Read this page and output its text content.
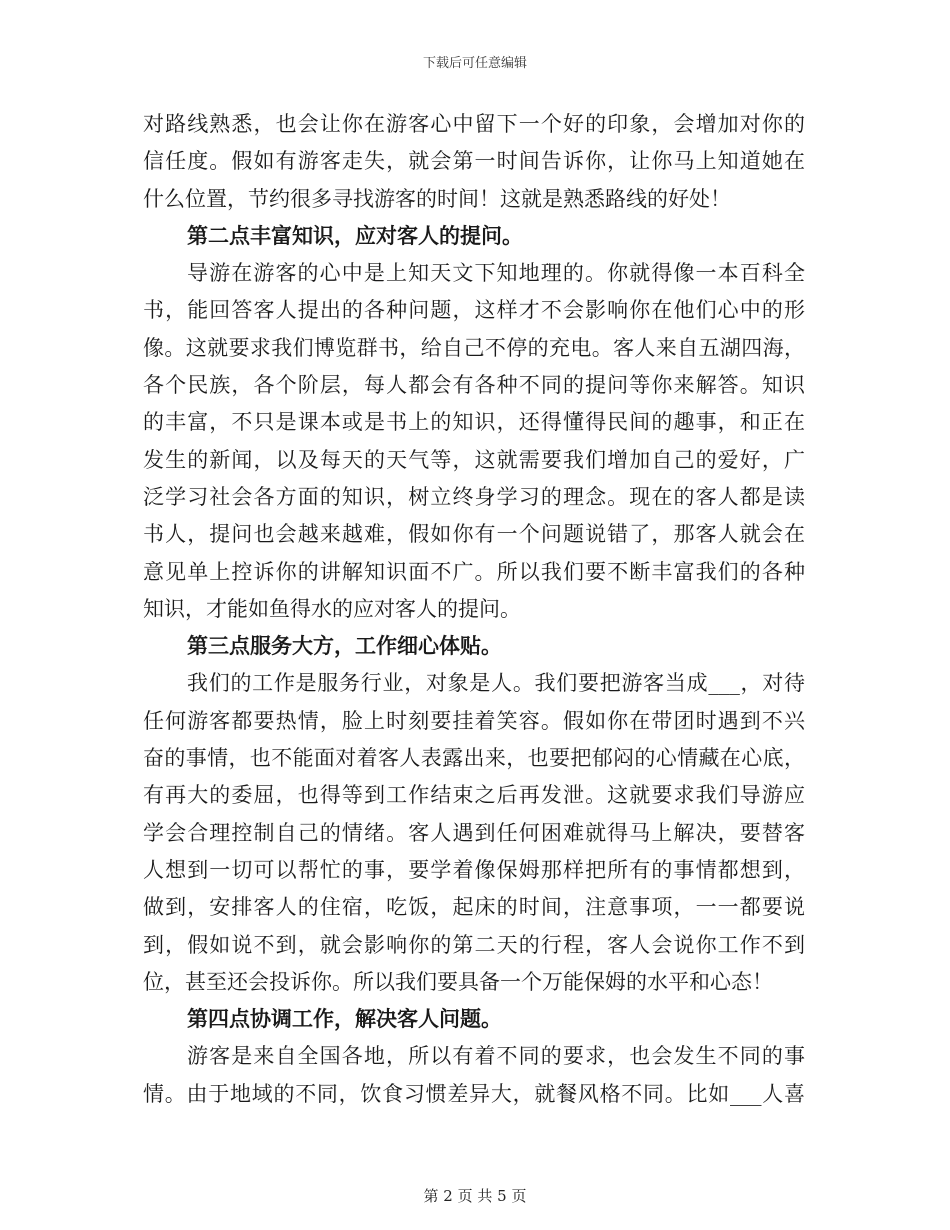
下载后可任意编辑
对路线熟悉，也会让你在游客心中留下一个好的印象，会增加对你的
信任度。假如有游客走失，就会第一时间告诉你，让你马上知道她在
什么位置，节约很多寻找游客的时间！这就是熟悉路线的好处！
第二点丰富知识，应对客人的提问。
导游在游客的心中是上知天文下知地理的。你就得像一本百科全
书，能回答客人提出的各种问题，这样才不会影响你在他们心中的形
像。这就要求我们博览群书，给自己不停的充电。客人来自五湖四海，
各个民族，各个阶层，每人都会有各种不同的提问等你来解答。知识
的丰富，不只是课本或是书上的知识，还得懂得民间的趣事，和正在
发生的新闻，以及每天的天气等，这就需要我们增加自己的爱好，广
泛学习社会各方面的知识，树立终身学习的理念。现在的客人都是读
书人，提问也会越来越难，假如你有一个问题说错了，那客人就会在
意见单上控诉你的讲解知识面不广。所以我们要不断丰富我们的各种
知识，才能如鱼得水的应对客人的提问。
第三点服务大方，工作细心体贴。
我们的工作是服务行业，对象是人。我们要把游客当成___，对待
任何游客都要热情，脸上时刻要挂着笑容。假如你在带团时遇到不兴
奋的事情，也不能面对着客人表露出来，也要把郁闷的心情藏在心底，
有再大的委屈，也得等到工作结束之后再发泄。这就要求我们导游应
学会合理控制自己的情绪。客人遇到任何困难就得马上解决，要替客
人想到一切可以帮忙的事，要学着像保姆那样把所有的事情都想到，
做到，安排客人的住宿，吃饭，起床的时间，注意事项，一一都要说
到，假如说不到，就会影响你的第二天的行程，客人会说你工作不到
位，甚至还会投诉你。所以我们要具备一个万能保姆的水平和心态！
第四点协调工作，解决客人问题。
游客是来自全国各地，所以有着不同的要求，也会发生不同的事
情。由于地域的不同，饮食习惯差异大，就餐风格不同。比如___人喜
第 2 页 共 5 页
